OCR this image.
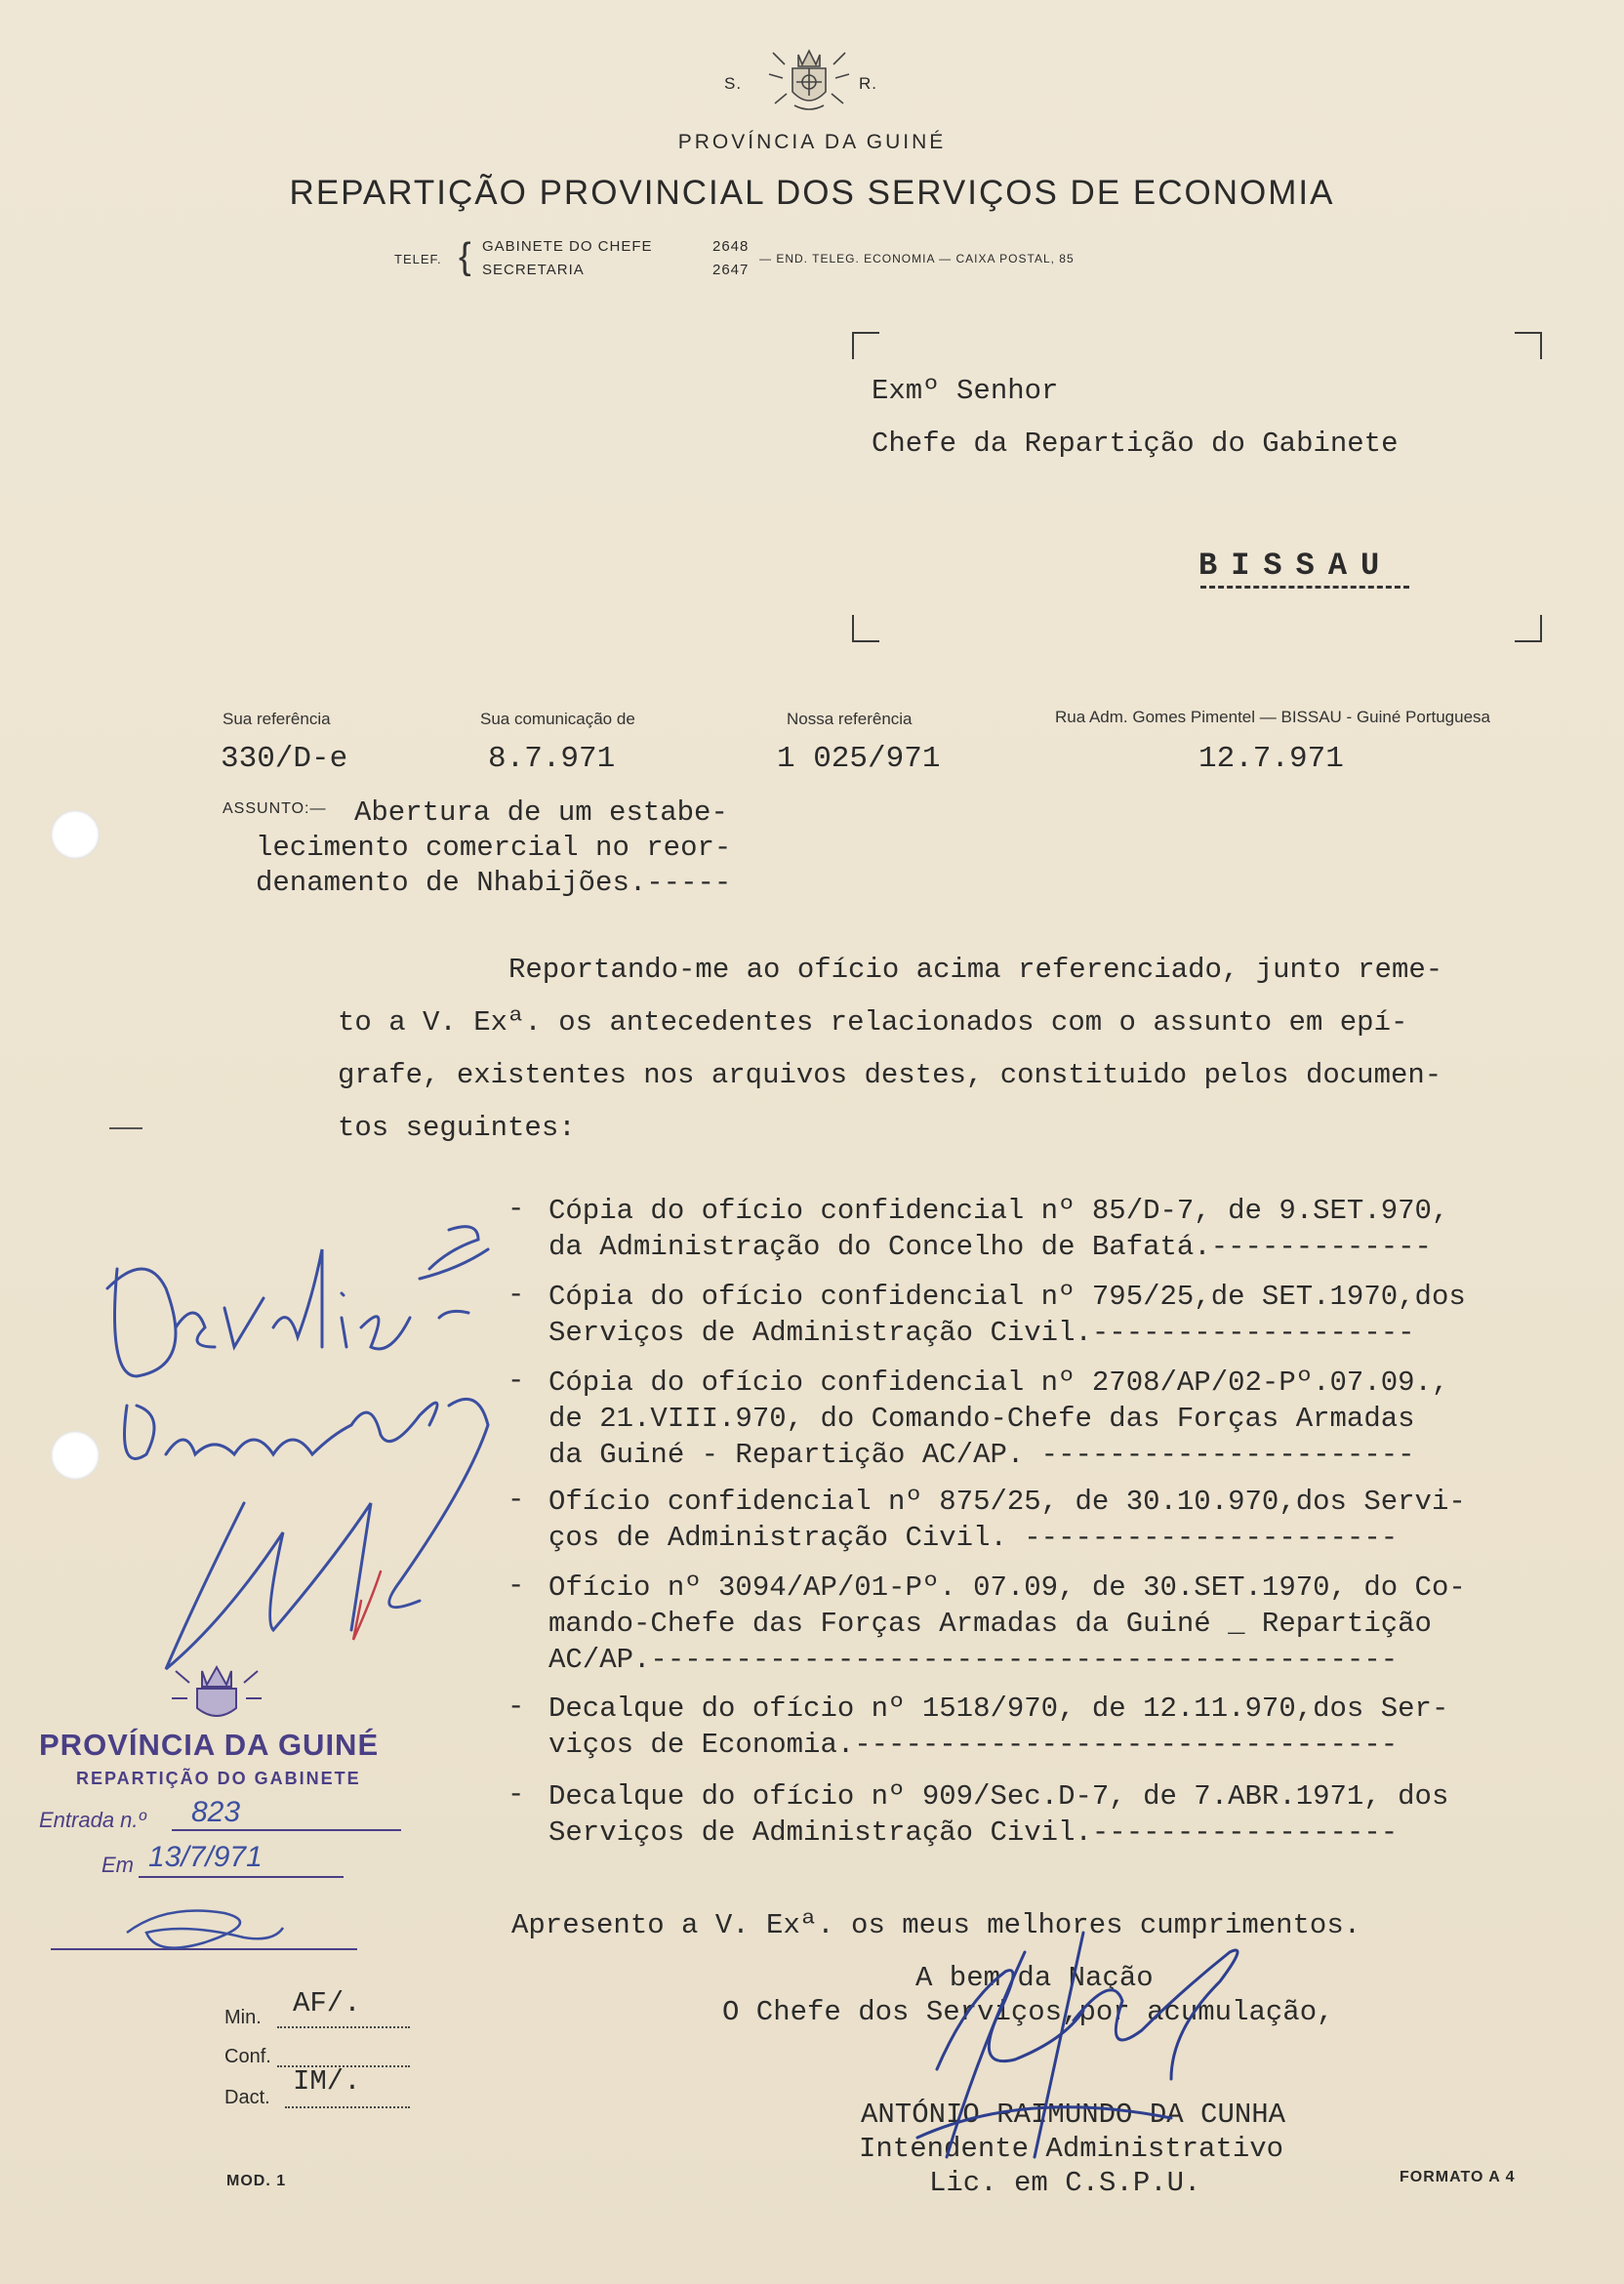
S.	R.
PROVÍNCIA DA GUINÉ
REPARTIÇÃO PROVINCIAL DOS SERVIÇOS DE ECONOMIA
TELEF. { GABINETE DO CHEFE	2648
SECRETARIA	2647
— END. TELEG. ECONOMIA — CAIXA POSTAL, 85
Exmº Senhor
Chefe da Repartição do Gabinete
BISSAU
Sua referência	Sua comunicação de	Nossa referência	Rua Adm. Gomes Pimentel — BISSAU - Guiné Portuguesa
330/D-e	8.7.971	1 025/971	12.7.971
ASSUNTO:— Abertura de um estabe-
lecimento comercial no reor-
denamento de Nhabijões.-----
Reportando-me ao ofício acima referenciado, junto reme-
to a V. Exª. os antecedentes relacionados com o assunto em epí-
grafe, existentes nos arquivos destes, constituido pelos documen-
tos seguintes:
- Cópia do ofício confidencial nº 85/D-7, de 9.SET.970,
da Administração do Concelho de Bafatá.-------------
- Cópia do ofício confidencial nº 795/25,de SET.1970,dos
Serviços de Administração Civil.-------------------
- Cópia do ofício confidencial nº 2708/AP/02-Pº.07.09.,
de 21.VIII.970, do Comando-Chefe das Forças Armadas
da Guiné - Repartição AC/AP. ----------------------
- Ofício confidencial nº 875/25, de 30.10.970,dos Servi-
ços de Administração Civil. ----------------------
- Ofício nº 3094/AP/01-Pº. 07.09, de 30.SET.1970, do Co-
mando-Chefe das Forças Armadas da Guiné _ Repartição
AC/AP.--------------------------------------------
- Decalque do ofício nº 1518/970, de 12.11.970,dos Ser-
viços de Economia.--------------------------------
- Decalque do ofício nº 909/Sec.D-7, de 7.ABR.1971, dos
Serviços de Administração Civil.------------------
Apresento a V. Exª. os meus melhores cumprimentos.
A bem da Nação
O Chefe dos Serviços,por acumulação,
ANTÓNIO RAIMUNDO DA CUNHA
Intendente Administrativo
Lic. em C.S.P.U.
PROVÍNCIA DA GUINÉ
REPARTIÇÃO DO GABINETE
Entrada n.º 823
Em 13/7/971
Min. AF/.
Conf.
Dact. IM/.
MOD. 1	FORMATO A 4
